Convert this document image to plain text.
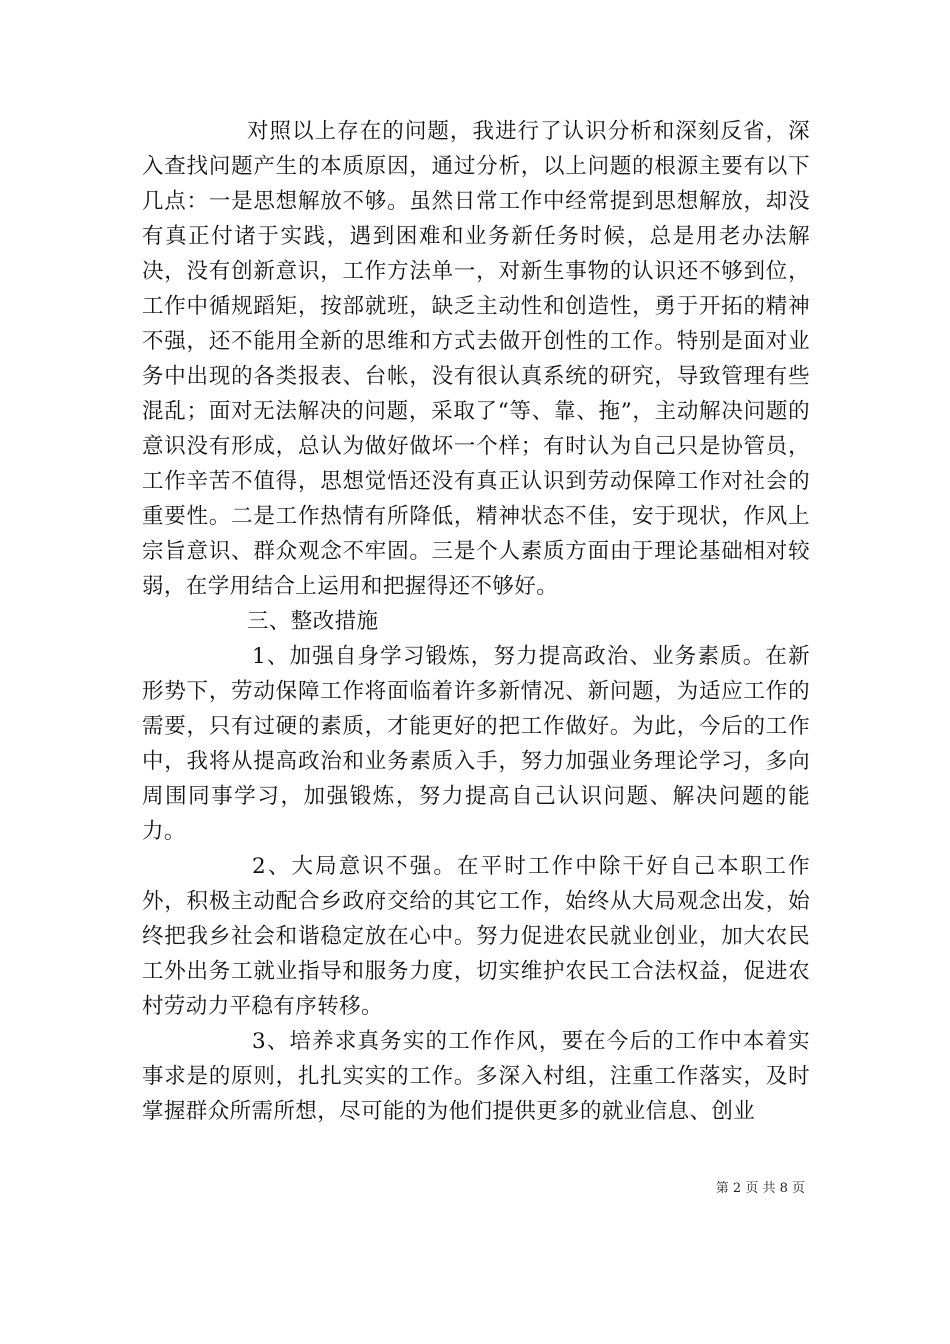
对照以上存在的问题，我进行了认识分析和深刻反省，深入查找问题产生的本质原因，通过分析，以上问题的根源主要有以下几点：一是思想解放不够。虽然日常工作中经常提到思想解放，却没有真正付诸于实践，遇到困难和业务新任务时候，总是用老办法解决，没有创新意识，工作方法单一，对新生事物的认识还不够到位，工作中循规蹈矩，按部就班，缺乏主动性和创造性，勇于开拓的精神不强，还不能用全新的思维和方式去做开创性的工作。特别是面对业务中出现的各类报表、台帐，没有很认真系统的研究，导致管理有些混乱；面对无法解决的问题，采取了“等、靠、拖”，主动解决问题的意识没有形成，总认为做好做坏一个样；有时认为自己只是协管员，工作辛苦不值得，思想觉悟还没有真正认识到劳动保障工作对社会的重要性。二是工作热情有所降低，精神状态不佳，安于现状，作风上宗旨意识、群众观念不牢固。三是个人素质方面由于理论基础相对较弱，在学用结合上运用和把握得还不够好。

三、整改措施

1、加强自身学习锻炼，努力提高政治、业务素质。在新形势下，劳动保障工作将面临着许多新情况、新问题，为适应工作的需要，只有过硬的素质，才能更好的把工作做好。为此，今后的工作中，我将从提高政治和业务素质入手，努力加强业务理论学习，多向周围同事学习，加强锻炼，努力提高自己认识问题、解决问题的能力。

2、大局意识不强。在平时工作中除干好自己本职工作外，积极主动配合乡政府交给的其它工作，始终从大局观念出发，始终把我乡社会和谐稳定放在心中。努力促进农民就业创业，加大农民工外出务工就业指导和服务力度，切实维护农民工合法权益，促进农村劳动力平稳有序转移。

3、培养求真务实的工作作风，要在今后的工作中本着实事求是的原则，扎扎实实的工作。多深入村组，注重工作落实，及时掌握群众所需所想，尽可能的为他们提供更多的就业信息、创业

第 2 页 共 8 页
